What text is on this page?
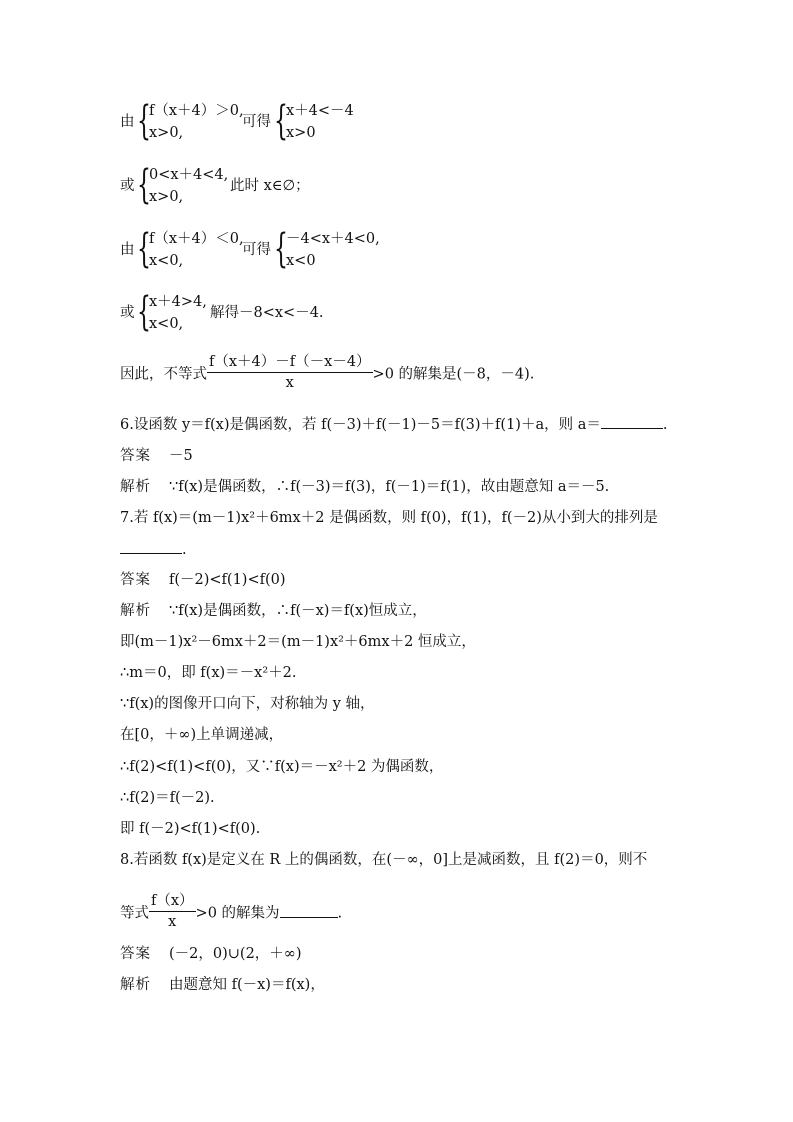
由 {
f（x＋4）＞0,
x>0,
可得 {
x＋4<－4
x>0
或 {
0<x＋4<4,
x>0,
此时 x∈∅；
由 {
f（x＋4）＜0,
x<0,
可得 {
－4<x＋4<0,
x<0
或 {
x＋4>4,
x<0,
解得－8<x<－4.
因此，不等式 $\frac{f(x+4)-f(-x-4)}{x} >0$ 的解集是(－8，－4).
6.设函数 y＝f(x)是偶函数，若 f(－3)＋f(－1)－5＝f(3)＋f(1)＋a，则 a＝	.
答案 －5
解析 ∵f(x)是偶函数，∴f(－3)＝f(3)，f(－1)＝f(1)，故由题意知 a＝－5.
7.若 f(x)＝(m－1)x²＋6mx＋2 是偶函数，则 f(0)，f(1)，f(－2)从小到大的排列是
.
答案 f(－2)<f(1)<f(0)
解析 ∵f(x)是偶函数，∴f(－x)＝f(x)恒成立，
即(m－1)x²－6mx＋2＝(m－1)x²＋6mx＋2 恒成立，
∴m＝0，即 f(x)＝－x²＋2.
∵f(x)的图像开口向下，对称轴为 y 轴，
在[0，＋∞)上单调递减，
∴f(2)<f(1)<f(0)，又∵f(x)＝－x²＋2 为偶函数，
∴f(2)＝f(－2).
即 f(－2)<f(1)<f(0).
8.若函数 f(x)是定义在 R 上的偶函数，在(－∞，0]上是减函数，且 f(2)＝0，则不
等式 $\frac{f(x)}{x} >0$ 的解集为	.
答案 (－2，0)∪(2，＋∞)
解析 由题意知 f(－x)＝f(x)，
